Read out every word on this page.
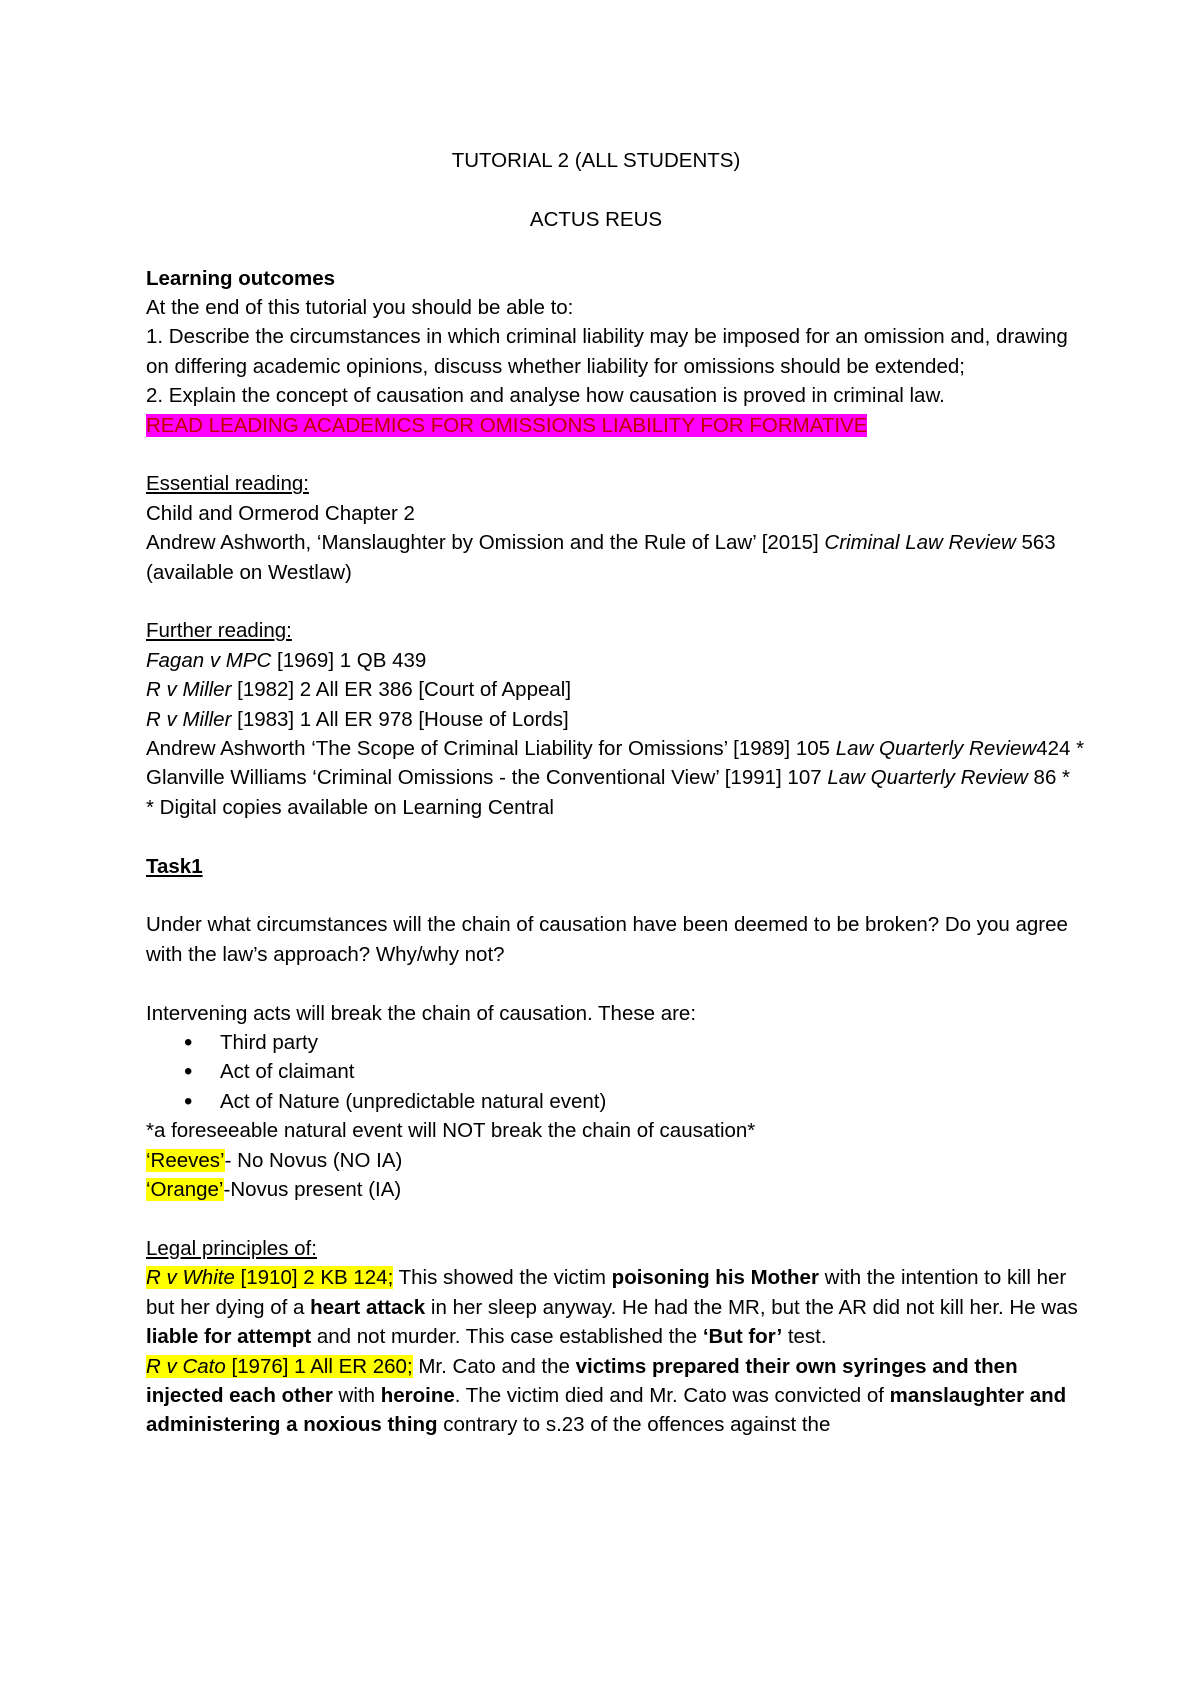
TUTORIAL 2 (ALL STUDENTS)

ACTUS REUS

Learning outcomes

At the end of this tutorial you should be able to:

1. Describe the circumstances in which criminal liability may be imposed for an omission and, drawing on differing academic opinions, discuss whether liability for omissions should be extended;

2. Explain the concept of causation and analyse how causation is proved in criminal law.

READ LEADING ACADEMICS FOR OMISSIONS LIABILITY FOR FORMATIVE

Essential reading:

Child and Ormerod Chapter 2

Andrew Ashworth, ‘Manslaughter by Omission and the Rule of Law’ [2015] Criminal Law Review 563 (available on Westlaw)

Further reading:

Fagan v MPC [1969] 1 QB 439

R v Miller [1982] 2 All ER 386 [Court of Appeal]

R v Miller [1983] 1 All ER 978 [House of Lords]

Andrew Ashworth ‘The Scope of Criminal Liability for Omissions’ [1989] 105 Law Quarterly Review424 *

Glanville Williams ‘Criminal Omissions - the Conventional View’ [1991] 107 Law Quarterly Review 86 *

* Digital copies available on Learning Central

Task1

Under what circumstances will the chain of causation have been deemed to be broken? Do you agree with the law’s approach? Why/why not?

Intervening acts will break the chain of causation. These are:

• Third party
• Act of claimant
• Act of Nature (unpredictable natural event)

*a foreseeable natural event will NOT break the chain of causation*

‘Reeves’- No Novus (NO IA)

‘Orange’-Novus present (IA)

Legal principles of:

R v White [1910] 2 KB 124; This showed the victim poisoning his Mother with the intention to kill her but her dying of a heart attack in her sleep anyway. He had the MR, but the AR did not kill her. He was liable for attempt and not murder. This case established the ‘But for’ test.

R v Cato [1976] 1 All ER 260; Mr. Cato and the victims prepared their own syringes and then injected each other with heroine. The victim died and Mr. Cato was convicted of manslaughter and administering a noxious thing contrary to s.23 of the offences against the
